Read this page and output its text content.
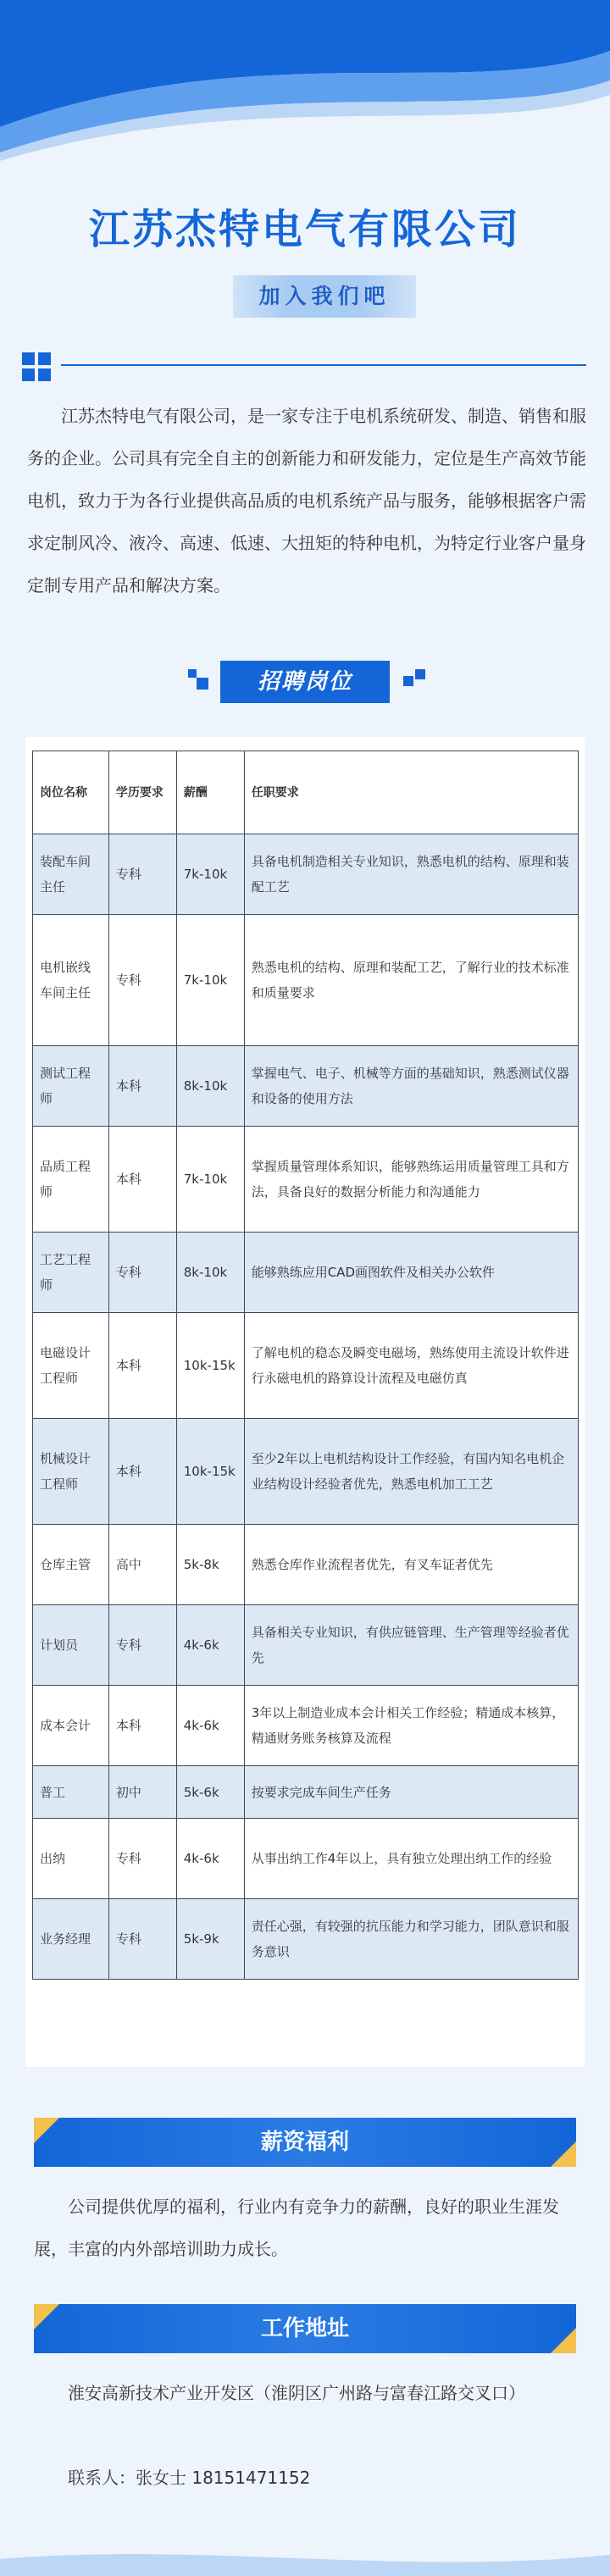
江苏杰特电气有限公司
加入我们吧

江苏杰特电气有限公司，是一家专注于电机系统研发、制造、销售和服务的企业。公司具有完全自主的创新能力和研发能力，定位是生产高效节能电机，致力于为各行业提供高品质的电机系统产品与服务，能够根据客户需求定制风冷、液冷、高速、低速、大扭矩的特种电机，为特定行业客户量身定制专用产品和解决方案。

招聘岗位
岗位名称	学历要求	薪酬	任职要求
装配车间主任	专科	7k-10k	具备电机制造相关专业知识，熟悉电机的结构、原理和装配工艺
电机嵌线车间主任	专科	7k-10k	熟悉电机的结构、原理和装配工艺，了解行业的技术标准和质量要求
测试工程师	本科	8k-10k	掌握电气、电子、机械等方面的基础知识，熟悉测试仪器和设备的使用方法
品质工程师	本科	7k-10k	掌握质量管理体系知识，能够熟练运用质量管理工具和方法，具备良好的数据分析能力和沟通能力
工艺工程师	专科	8k-10k	能够熟练应用CAD画图软件及相关办公软件
电磁设计工程师	本科	10k-15k	了解电机的稳态及瞬变电磁场，熟练使用主流设计软件进行永磁电机的路算设计流程及电磁仿真
机械设计工程师	本科	10k-15k	至少2年以上电机结构设计工作经验，有国内知名电机企业结构设计经验者优先，熟悉电机加工工艺
仓库主管	高中	5k-8k	熟悉仓库作业流程者优先，有叉车证者优先
计划员	专科	4k-6k	具备相关专业知识，有供应链管理、生产管理等经验者优先
成本会计	本科	4k-6k	3年以上制造业成本会计相关工作经验；精通成本核算，精通财务账务核算及流程
普工	初中	5k-6k	按要求完成车间生产任务
出纳	专科	4k-6k	从事出纳工作4年以上，具有独立处理出纳工作的经验
业务经理	专科	5k-9k	责任心强，有较强的抗压能力和学习能力，团队意识和服务意识
薪资福利

公司提供优厚的福利，行业内有竞争力的薪酬，良好的职业生涯发展，丰富的内外部培训助力成长。

工作地址

淮安高新技术产业开发区（淮阴区广州路与富春江路交叉口）

联系人：张女士 18151471152
